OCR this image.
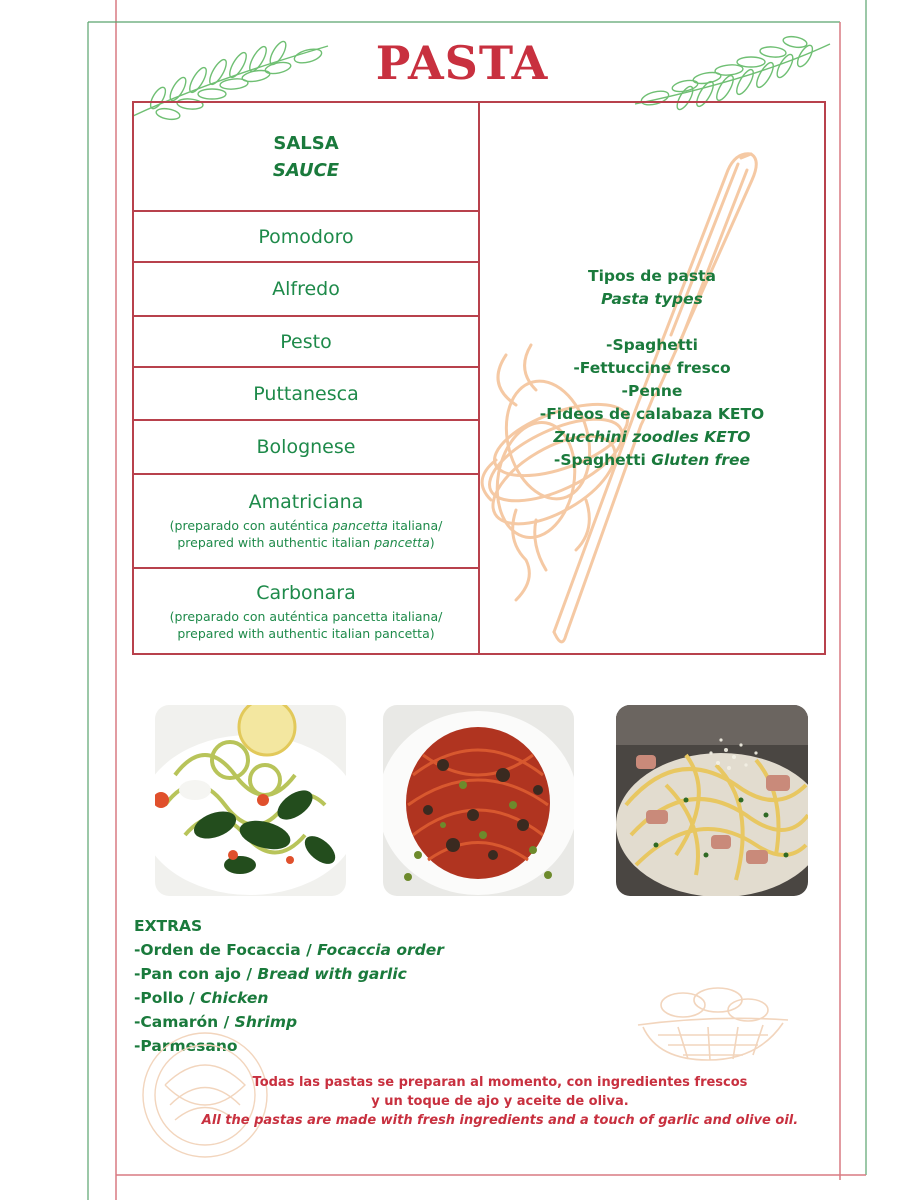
PASTA
SALSA
SAUCE
Pomodoro
Alfredo
Pesto
Puttanesca
Bolognese
Amatriciana
(preparado con auténtica pancetta italiana/ prepared with authentic italian pancetta)
Carbonara
(preparado con auténtica pancetta italiana/ prepared with authentic italian pancetta)
Tipos de pasta
Pasta types
-Spaghetti
-Fettuccine fresco
-Penne
-Fideos de calabaza KETO
Zucchini zoodles KETO
-Spaghetti Gluten free
EXTRAS
-Orden de Focaccia / Focaccia order
-Pan con ajo / Bread with garlic
-Pollo / Chicken
-Camarón / Shrimp
-Parmesano
Todas las pastas se preparan al momento, con ingredientes frescos
y un toque de ajo y aceite de oliva.
All the pastas are made with fresh ingredients and a touch of garlic and olive oil.
